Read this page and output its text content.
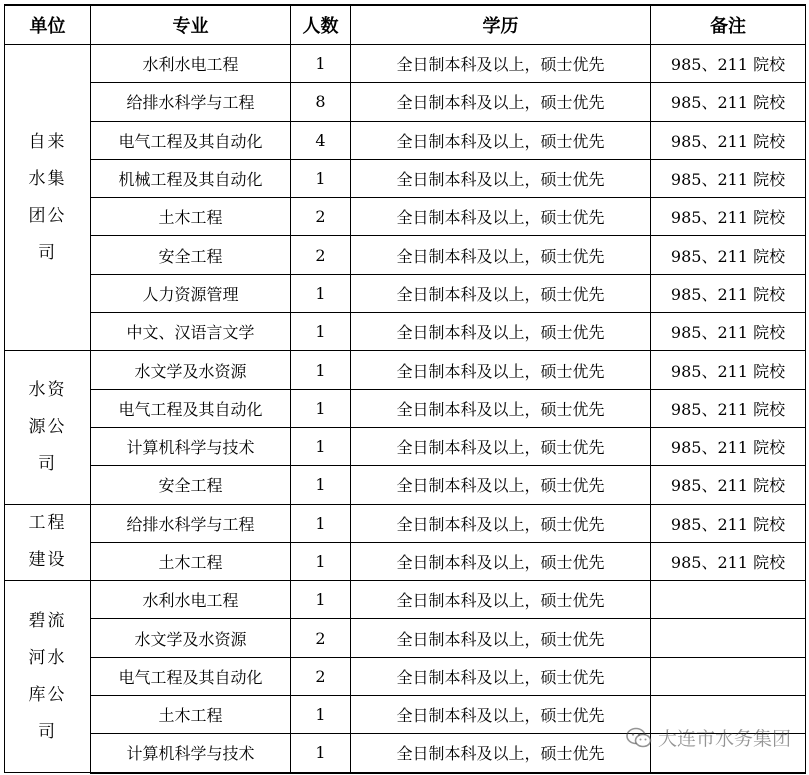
单位	专业	人数	学历	备注
自来水集团公司	水利水电工程	1	全日制本科及以上，硕士优先	985、211 院校
	给排水科学与工程	8	全日制本科及以上，硕士优先	985、211 院校
	电气工程及其自动化	4	全日制本科及以上，硕士优先	985、211 院校
	机械工程及其自动化	1	全日制本科及以上，硕士优先	985、211 院校
	土木工程	2	全日制本科及以上，硕士优先	985、211 院校
	安全工程	2	全日制本科及以上，硕士优先	985、211 院校
	人力资源管理	1	全日制本科及以上，硕士优先	985、211 院校
	中文、汉语言文学	1	全日制本科及以上，硕士优先	985、211 院校
水资源公司	水文学及水资源	1	全日制本科及以上，硕士优先	985、211 院校
	电气工程及其自动化	1	全日制本科及以上，硕士优先	985、211 院校
	计算机科学与技术	1	全日制本科及以上，硕士优先	985、211 院校
	安全工程	1	全日制本科及以上，硕士优先	985、211 院校
工程建设	给排水科学与工程	1	全日制本科及以上，硕士优先	985、211 院校
	土木工程	1	全日制本科及以上，硕士优先	985、211 院校
碧流河水库公司	水利水电工程	1	全日制本科及以上，硕士优先	
	水文学及水资源	2	全日制本科及以上，硕士优先	
	电气工程及其自动化	2	全日制本科及以上，硕士优先	
	土木工程	1	全日制本科及以上，硕士优先	
	计算机科学与技术	1	全日制本科及以上，硕士优先	
大连市水务集团
